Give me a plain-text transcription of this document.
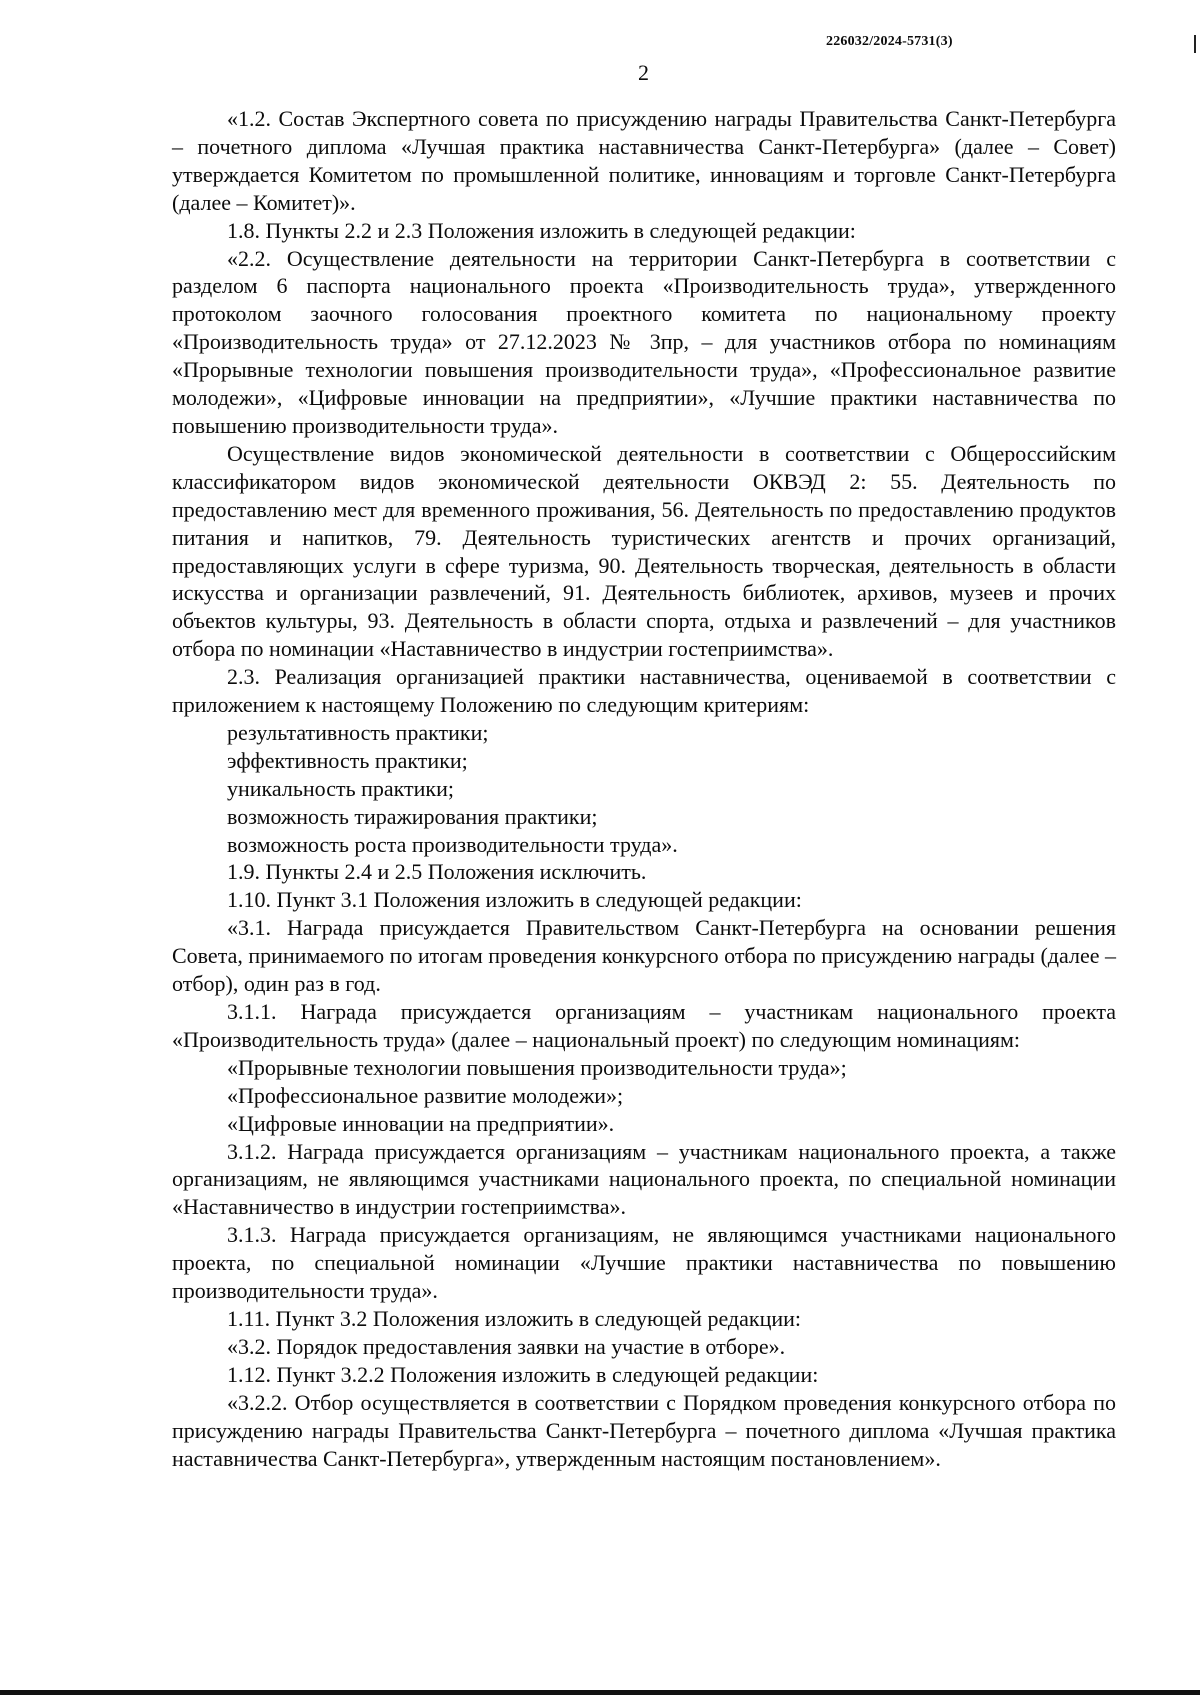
226032/2024-5731(3)
2

«1.2. Состав Экспертного совета по присуждению награды Правительства Санкт-Петербурга – почетного диплома «Лучшая практика наставничества Санкт-Петербурга» (далее – Совет) утверждается Комитетом по промышленной политике, инновациям и торговле Санкт-Петербурга (далее – Комитет)».

1.8. Пункты 2.2 и 2.3 Положения изложить в следующей редакции:

«2.2. Осуществление деятельности на территории Санкт-Петербурга в соответствии с разделом 6 паспорта национального проекта «Производительность труда», утвержденного протоколом заочного голосования проектного комитета по национальному проекту «Производительность труда» от 27.12.2023 № 3пр, – для участников отбора по номинациям «Прорывные технологии повышения производительности труда», «Профессиональное развитие молодежи», «Цифровые инновации на предприятии», «Лучшие практики наставничества по повышению производительности труда».

Осуществление видов экономической деятельности в соответствии с Общероссийским классификатором видов экономической деятельности ОКВЭД 2: 55. Деятельность по предоставлению мест для временного проживания, 56. Деятельность по предоставлению продуктов питания и напитков, 79. Деятельность туристических агентств и прочих организаций, предоставляющих услуги в сфере туризма, 90. Деятельность творческая, деятельность в области искусства и организации развлечений, 91. Деятельность библиотек, архивов, музеев и прочих объектов культуры, 93. Деятельность в области спорта, отдыха и развлечений – для участников отбора по номинации «Наставничество в индустрии гостеприимства».

2.3. Реализация организацией практики наставничества, оцениваемой в соответствии с приложением к настоящему Положению по следующим критериям:

результативность практики;

эффективность практики;

уникальность практики;

возможность тиражирования практики;

возможность роста производительности труда».

1.9. Пункты 2.4 и 2.5 Положения исключить.

1.10. Пункт 3.1 Положения изложить в следующей редакции:

«3.1. Награда присуждается Правительством Санкт-Петербурга на основании решения Совета, принимаемого по итогам проведения конкурсного отбора по присуждению награды (далее – отбор), один раз в год.

3.1.1. Награда присуждается организациям – участникам национального проекта «Производительность труда» (далее – национальный проект) по следующим номинациям:

«Прорывные технологии повышения производительности труда»;

«Профессиональное развитие молодежи»;

«Цифровые инновации на предприятии».

3.1.2. Награда присуждается организациям – участникам национального проекта, а также организациям, не являющимся участниками национального проекта, по специальной номинации «Наставничество в индустрии гостеприимства».

3.1.3. Награда присуждается организациям, не являющимся участниками национального проекта, по специальной номинации «Лучшие практики наставничества по повышению производительности труда».

1.11. Пункт 3.2 Положения изложить в следующей редакции:

«3.2. Порядок предоставления заявки на участие в отборе».

1.12. Пункт 3.2.2 Положения изложить в следующей редакции:

«3.2.2. Отбор осуществляется в соответствии с Порядком проведения конкурсного отбора по присуждению награды Правительства Санкт-Петербурга – почетного диплома «Лучшая практика наставничества Санкт-Петербурга», утвержденным настоящим постановлением».
